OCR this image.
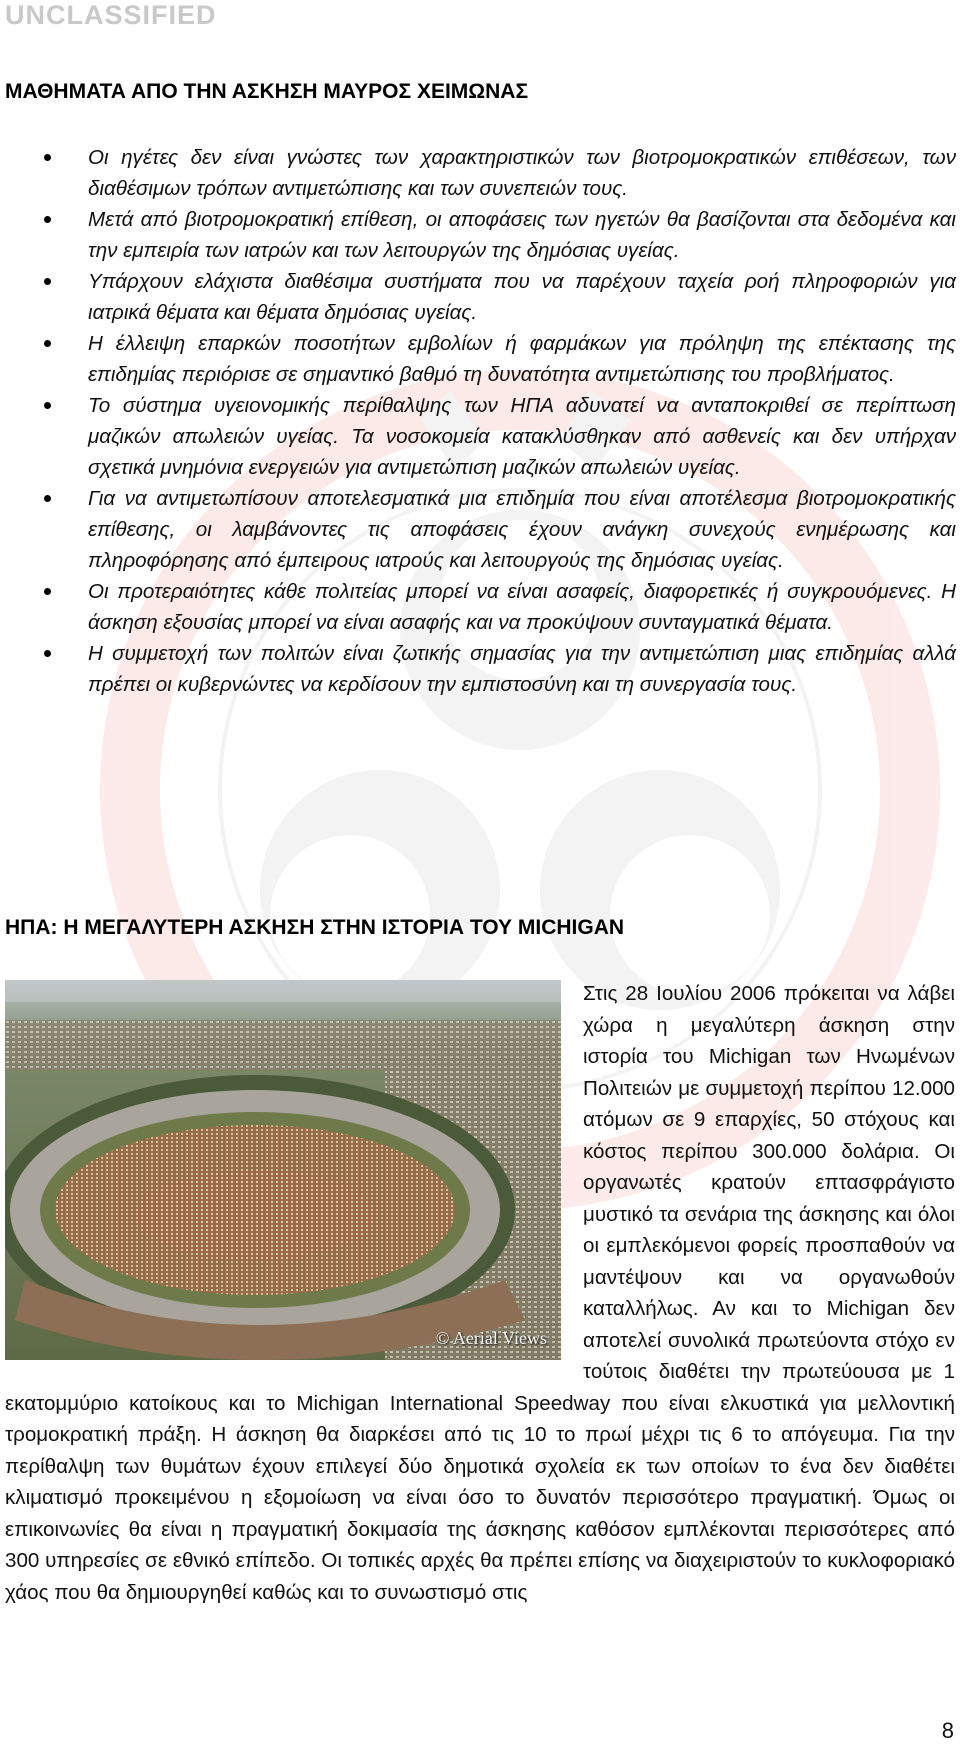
UNCLASSIFIED
ΜΑΘΗΜΑΤΑ ΑΠΟ ΤΗΝ ΑΣΚΗΣΗ ΜΑΥΡΟΣ ΧΕΙΜΩΝΑΣ
Οι ηγέτες δεν είναι γνώστες των χαρακτηριστικών των βιοτρομοκρατικών επιθέσεων, των διαθέσιμων τρόπων αντιμετώπισης και των συνεπειών τους.
Μετά από βιοτρομοκρατική επίθεση, οι αποφάσεις των ηγετών θα βασίζονται στα δεδομένα και την εμπειρία των ιατρών και των λειτουργών της δημόσιας υγείας.
Υπάρχουν ελάχιστα διαθέσιμα συστήματα που να παρέχουν ταχεία ροή πληροφοριών για ιατρικά θέματα και θέματα δημόσιας υγείας.
Η έλλειψη επαρκών ποσοτήτων εμβολίων ή φαρμάκων για πρόληψη της επέκτασης της επιδημίας περιόρισε σε σημαντικό βαθμό τη δυνατότητα αντιμετώπισης του προβλήματος.
Το σύστημα υγειονομικής περίθαλψης των ΗΠΑ αδυνατεί να ανταποκριθεί σε περίπτωση μαζικών απωλειών υγείας. Τα νοσοκομεία κατακλύσθηκαν από ασθενείς και δεν υπήρχαν σχετικά μνημόνια ενεργειών για αντιμετώπιση μαζικών απωλειών υγείας.
Για να αντιμετωπίσουν αποτελεσματικά μια επιδημία που είναι αποτέλεσμα βιοτρομοκρατικής επίθεσης, οι λαμβάνοντες τις αποφάσεις έχουν ανάγκη συνεχούς ενημέρωσης και πληροφόρησης από έμπειρους ιατρούς και λειτουργούς της δημόσιας υγείας.
Οι προτεραιότητες κάθε πολιτείας μπορεί να είναι ασαφείς, διαφορετικές ή συγκρουόμενες. Η άσκηση εξουσίας μπορεί να είναι ασαφής και να προκύψουν συνταγματικά θέματα.
Η συμμετοχή των πολιτών είναι ζωτικής σημασίας για την αντιμετώπιση μιας επιδημίας αλλά πρέπει οι κυβερνώντες να κερδίσουν την εμπιστοσύνη και τη συνεργασία τους.
ΗΠΑ: Η ΜΕΓΑΛΥΤΕΡΗ ΑΣΚΗΣΗ ΣΤΗΝ ΙΣΤΟΡΙΑ ΤΟΥ MICHIGAN
© Aerial Views
Στις 28 Ιουλίου 2006 πρόκειται να λάβει χώρα η μεγαλύτερη άσκηση στην ιστορία του Michigan των Ηνωμένων Πολιτειών με συμμετοχή περίπου 12.000 ατόμων σε 9 επαρχίες, 50 στόχους και κόστος περίπου 300.000 δολάρια. Οι οργανωτές κρατούν επτασφράγιστο μυστικό τα σενάρια της άσκησης και όλοι οι εμπλεκόμενοι φορείς προσπαθούν να μαντέψουν και να οργανωθούν καταλλήλως. Αν και το Michigan δεν αποτελεί συνολικά πρωτεύοντα στόχο εν τούτοις διαθέτει την πρωτεύουσα με 1 εκατομμύριο κατοίκους και το Michigan International Speedway που είναι ελκυστικά για μελλοντική τρομοκρατική πράξη. Η άσκηση θα διαρκέσει από τις 10 το πρωί μέχρι τις 6 το απόγευμα. Για την περίθαλψη των θυμάτων έχουν επιλεγεί δύο δημοτικά σχολεία εκ των οποίων το ένα δεν διαθέτει κλιματισμό προκειμένου η εξομοίωση να είναι όσο το δυνατόν περισσότερο πραγματική. Όμως οι επικοινωνίες θα είναι η πραγματική δοκιμασία της άσκησης καθόσον εμπλέκονται περισσότερες από 300 υπηρεσίες σε εθνικό επίπεδο. Οι τοπικές αρχές θα πρέπει επίσης να διαχειριστούν το κυκλοφοριακό χάος που θα δημιουργηθεί καθώς και το συνωστισμό στις
8
